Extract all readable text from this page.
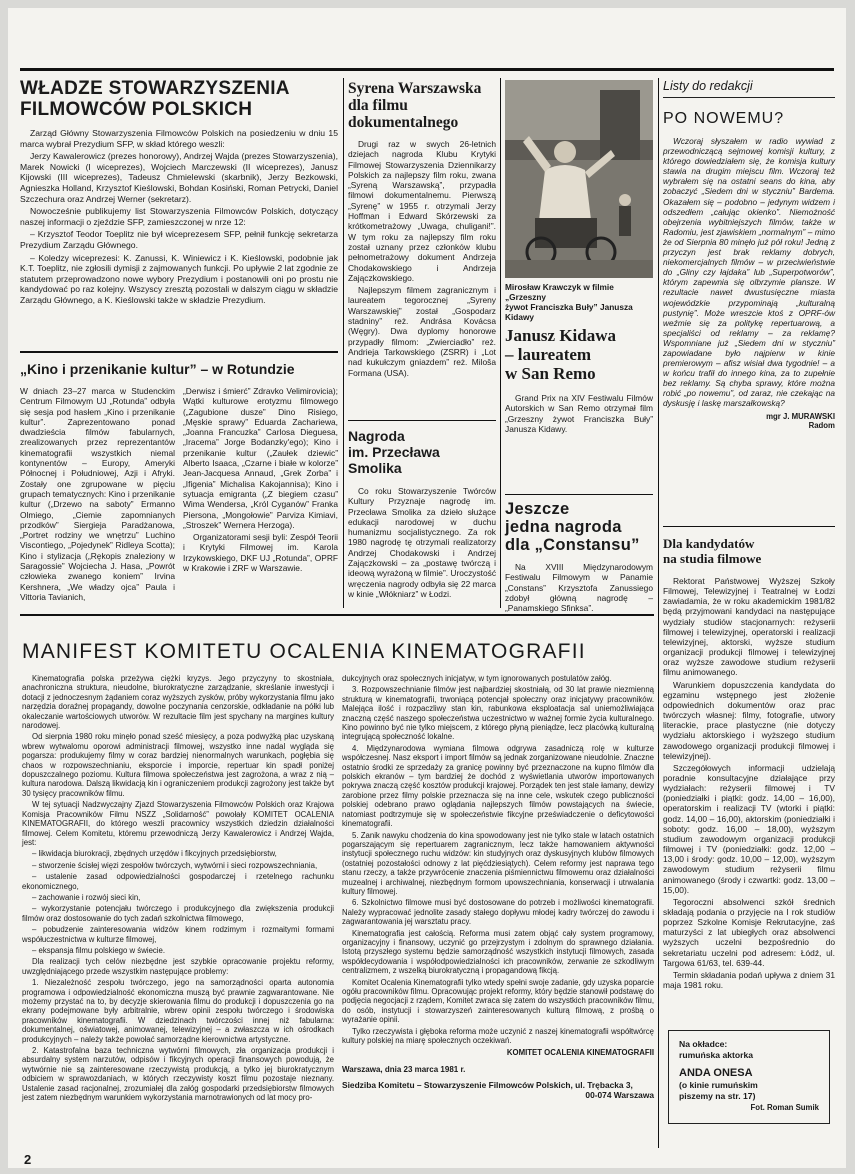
WŁADZE STOWARZYSZENIA
FILMOWCÓW POLSKICH

Zarząd Główny Stowarzyszenia Filmowców Polskich na posiedzeniu w dniu 15 marca wybrał Prezydium SFP, w skład którego weszli:

Jerzy Kawalerowicz (prezes honorowy), Andrzej Wajda (prezes Stowarzyszenia), Marek Nowicki (I wiceprezes), Wojciech Marczewski (II wiceprezes), Janusz Kijowski (III wiceprezes), Tadeusz Chmielewski (skarbnik), Jerzy Bezkowski, Agnieszka Holland, Krzysztof Kieślowski, Bohdan Kosiński, Roman Petrycki, Daniel Szczechura oraz Andrzej Werner (sekretarz).

Nowocześnie publikujemy list Stowarzyszenia Filmowców Polskich, dotyczący naszej informacji o zjeździe SFP, zamieszczonej w nrze 12:

– Krzysztof Teodor Toeplitz nie był wiceprezesem SFP, pełnił funkcję sekretarza Prezydium Zarządu Głównego.

– Koledzy wiceprezesi: K. Zanussi, K. Winiewicz i K. Kieślowski, podobnie jak K.T. Toeplitz, nie zgłosili dymisji z zajmowanych funkcji. Po upływie 2 lat zgodnie ze statutem przeprowadzono nowe wybory Prezydium i postanowili oni po prostu nie kandydować po raz kolejny. Wszyscy zresztą pozostali w dalszym ciągu w składzie Zarządu Głównego, a K. Kieślowski także w składzie Prezydium.

„Kino i przenikanie kultur” – w Rotundzie
W dniach 23–27 marca w Studenckim Centrum Filmowym UJ „Rotunda” odbyła się sesja pod hasłem „Kino i przenikanie kultur”. Zaprezentowano ponad dwadzieścia filmów fabularnych, zrealizowanych przez reprezentantów kinematografii wszystkich niemal kontynentów – Europy, Ameryki Północnej i Południowej, Azji i Afryki. Zostały one zgrupowane w pięciu grupach tematycznych: Kino i przenikanie kultur („Drzewo na saboty” Ermanno Olmiego, „Ciemie zapomnianych przodków” Siergieja Paradżanowa, „Portret rodziny we wnętrzu” Luchino Viscontiego, „Pojedynek” Ridleya Scotta); Kino i stylizacja („Rękopis znaleziony w Saragossie” Wojciecha J. Hasa, „Powrót człowieka zwanego koniem” Irvina Kershnera, „We władzy ojca” Paula i Vittoria Tavianich,
„Derwisz i śmierć” Zdravko Velimirovicia); Wątki kulturowe erotyzmu filmowego („Zagubione dusze” Dino Risiego, „Męskie sprawy” Eduarda Zachariewa, „Joanna Francuzka” Carlosa Dieguesa, „Iracema” Jorge Bodanzky'ego); Kino i przenikanie kultur („Zaułek dziewic” Alberto Isaaca, „Czarne i białe w kolorze” Jean-Jacquesa Annaud, „Grek Zorba” i „Ifigenia” Michalisa Kakojannisa); Kino i sytuacja emigranta („Z biegiem czasu” Wima Wendersa, „Król Cyganów” Franka Piersona, „Mongołowie” Parviza Kimiavi, „Stroszek” Wernera Herzoga).
Organizatorami sesji byli: Zespół Teorii i Krytyki Filmowej im. Karola Irzykowskiego, DKF UJ „Rotunda”, OPRF w Krakowie i ZRF w Warszawie.
Syrena Warszawska dla filmu dokumentalnego

Drugi raz w swych 26-letnich dziejach nagroda Klubu Krytyki Filmowej Stowarzyszenia Dziennikarzy Polskich za najlepszy film roku, zwana „Syreną Warszawską”, przypadła filmowi dokumentalnemu. Pierwszą „Syrenę” w 1955 r. otrzymali Jerzy Hoffman i Edward Skórzewski za krótkometrażowy „Uwaga, chuligani!”. W tym roku za najlepszy film roku został uznany przez członków klubu pełnometrażowy dokument Andrzeja Chodakowskiego i Andrzeja Zajączkowskiego.

Najlepszym filmem zagranicznym i laureatem tegorocznej „Syreny Warszawskiej” został „Gospodarz stadniny” reż. Andrása Kovácsa (Węgry). Dwa dyplomy honorowe przypadły filmom: „Zwierciadło” reż. Andrieja Tarkowskiego (ZSRR) i „Lot nad kukułczym gniazdem” reż. Miloša Formana (USA).

Nagroda
im. Przecława Smolika
Co roku Stowarzyszenie Twórców Kultury Przyznaje nagrodę im. Przecława Smolika za dzieło służące edukacji narodowej w duchu humanizmu socjalistycznego. Za rok 1980 nagrodę tę otrzymali realizatorzy Andrzej Chodakowski i Andrzej Zajączkowski – za „postawę twórczą i ideową wyrażoną w filmie”. Uroczystość wręczenia nagrody odbyła się 22 marca w kinie „Włókniarz” w Łodzi.
Mirosław Krawczyk w filmie „Grzeszny
żywot Franciszka Buły” Janusza Kidawy
Janusz Kidawa
– laureatem
w San Remo
Grand Prix na XIV Festiwalu Filmów Autorskich w San Remo otrzymał film „Grzeszny żywot Franciszka Buły” Janusza Kidawy.
Jeszcze
jedna nagroda
dla „Constansu”
Na XVIII Międzynarodowym Festiwalu Filmowym w Panamie „Constans” Krzysztofa Zanussiego zdobył główną nagrodę – „Panamskiego Sfinksa”.
Listy do redakcji
PO NOWEMU?
Wczoraj słyszałem w radio wywiad z przewodniczącą sejmowej komisji kultury, z którego dowiedziałem się, że komisja kultury stawia na drugim miejscu film. Wczoraj też wybrałem się na ostatni seans do kina, aby zobaczyć „Siedem dni w styczniu” Bardema. Okazałem się – podobno – jedynym widzem i odszedłem „całując okienko”. Niemożność obejrzenia wybitniejszych filmów, także w Radomiu, jest zjawiskiem „normalnym” – mimo że od Sierpnia 80 minęło już pół roku! Jedną z przyczyn jest brak reklamy dobrych, niekomercjalnych filmów – w przeciwieństwie do „Gliny czy łajdaka” lub „Superpotworów”, którym zapewnia się olbrzymie plansze. W rezultacie nawet dwustusięczne miasta wojewódzkie przypominają „kulturalną pustynię”. Może wreszcie ktoś z OPRF-ów weźmie się za politykę repertuarową, a specjaliści od reklamy – za reklamę? Wspomniane już „Siedem dni w styczniu” zapowiadane było najpierw w kinie premierowym – afisz wisiał dwa tygodnie! – a w końcu trafił do innego kina, za to zupełnie bez reklamy. Są chyba sprawy, które można robić „po nowemu”, od zaraz, nie czekając na dyskusję i laskę marszałkowską?
mgr J. MURAWSKI
Radom
Dla kandydatów
na studia filmowe

Rektorat Państwowej Wyższej Szkoły Filmowej, Telewizyjnej i Teatralnej w Łodzi zawiadamia, że w roku akademickim 1981/82 będą przyjmowani kandydaci na następujące wydziały studiów stacjonarnych: reżyserii filmowej i telewizyjnej, operatorski i realizacji telewizyjnej, aktorski, wyższe studium organizacji produkcji filmowej i telewizyjnej oraz wyższe zawodowe studium reżyserii filmu animowanego.

Warunkiem dopuszczenia kandydata do egzaminu wstępnego jest złożenie odpowiednich dokumentów oraz prac twórczych własnej: filmy, fotografie, utwory literackie, prace plastyczne (nie dotyczy wydziału aktorskiego i wyższego studium zawodowego organizacji produkcji filmowej i telewizyjnej).

Szczegółowych informacji udzielają poradnie konsultacyjne działające przy wydziałach: reżyserii filmowej i TV (poniedziałki i piątki: godz. 14,00 – 16,00), operatorskim i realizacji TV (wtorki i piątki: godz. 14,00 – 16,00), aktorskim (poniedziałki i soboty: godz. 16,00 – 18,00), wyższym studium zawodowym organizacji produkcji filmowej i TV (poniedziałki: godz. 12,00 – 13,00 i środy: godz. 10,00 – 12,00), wyższym zawodowym studium reżyserii filmu animowanego (środy i czwartki: godz. 13,00 – 15,00).

Tegoroczni absolwenci szkół średnich składają podania o przyjęcie na I rok studiów poprzez Szkolne Komisje Rekrutacyjne, zaś maturzyści z lat ubiegłych oraz absolwenci wyższych uczelni bezpośrednio do sekretariatu uczelni pod adresem: Łódź, ul. Targowa 61/63, tel. 639-44.

Termin składania podań upływa z dniem 31 maja 1981 roku.

Na okładce:
rumuńska aktorka
ANDA ONESA
(o kinie rumuńskim
piszemy na str. 17)
Fot. Roman Sumik
MANIFEST KOMITETU OCALENIA KINEMATOGRAFII

Kinematografia polska przeżywa ciężki kryzys. Jego przyczyny to skostniała, anachroniczna struktura, nieudolne, biurokratyczne zarządzanie, skreślanie inwestycji i dotacji z jednoczesnym żądaniem coraz wyższych zysków, próby wykorzystania filmu jako narzędzia doraźnej propagandy, dowolne poczynania cenzorskie, odkładanie na półki lub okaleczanie wartościowych utworów. W rezultacie film jest spychany na margines kultury narodowej.

Od sierpnia 1980 roku minęło ponad sześć miesięcy, a poza podwyżką płac uzyskaną wbrew wytwalomu oporowi administracji filmowej, wszystko inne nadal wygląda się pogarsza: produkujemy filmy w coraz bardziej nienormalnych warunkach, pogłębia się chaos w rozpowszechnianiu, eksporcie i imporcie, repertuar kin spadł poniżej dopuszczalnego poziomu. Kultura filmowa społeczeństwa jest zagrożona, a wraz z nią – kultura narodowa. Dalszą likwidacją kin i ograniczeniem produkcji zagrożony jest także byt 30 tysięcy pracowników filmu.

W tej sytuacji Nadzwyczajny Zjazd Stowarzyszenia Filmowców Polskich oraz Krajowa Komisja Pracowników Filmu NSZZ „Solidarność” powołały KOMITET OCALENIA KINEMATOGRAFII, do którego weszli pracownicy wszystkich dziedzin działalności filmowej. Celem Komitetu, któremu przewodniczą Jerzy Kawalerowicz i Andrzej Wajda, jest:

– likwidacja biurokracji, zbędnych urzędów i fikcyjnych przedsiębiorstw,

– stworzenie ścisłej więzi zespołów twórczych, wytwórni i sieci rozpowszechniania,

– ustalenie zasad odpowiedzialności gospodarczej i rzetelnego rachunku ekonomicznego,

– zachowanie i rozwój sieci kin,

– wykorzystanie potencjału twórczego i produkcyjnego dla zwiększenia produkcji filmów oraz dostosowanie do tych zadań szkolnictwa filmowego,

– pobudzenie zainteresowania widzów kinem rodzimym i rozmaitymi formami współuczestnictwa w kulturze filmowej,

– ekspansja filmu polskiego w świecie.

Dla realizacji tych celów niezbędne jest szybkie opracowanie projektu reformy, uwzględniającego przede wszystkim następujące problemy:

1. Niezależność zespołu twórczego, jego na samorządności oparta autonomia programowa i odpowiedzialność ekonomiczna muszą być prawnie zagwarantowane. Nie możemy przystać na to, by decyzje skierowania filmu do produkcji i dopuszczenia go na ekrany podejmowane były arbitralnie, wbrew opinii zespołu twórczego i środowiska pracowników kinematografii. W dziedzinach twórczości innej niż fabularna: dokumentalnej, oświatowej, animowanej, telewizyjnej – a zwłaszcza w ich ośrodkach produkcyjnych – należy także powołać samorządne kierownictwa artystyczne.

2. Katastrofalna baza techniczna wytwórni filmowych, zła organizacja produkcji i absurdalny system narzutów, odpisów i fikcyjnych operacji finansowych powodują, że wytwórnie nie są zainteresowane rzeczywistą produkcją, a tylko jej biurokratycznym odbiciem w sprawozdaniach, w których rzeczywisty koszt filmu pozostaje nieznany. Ustalenie zasad racjonalnej, zrozumiałej dla załóg gospodarki przedsiębiorstw filmowych jest zatem niezbędnym warunkiem wykorzystania marnotrawionych od lat mocy pro-

dukcyjnych oraz społecznych inicjatyw, w tym ignorowanych postulatów załóg.

3. Rozpowszechnianie filmów jest najbardziej skostniałą, od 30 lat prawie niezmienną strukturą w kinematografii, trwoniącą potencjał społeczny oraz inicjatywy pracowników. Malejąca ilość i rozpaczliwy stan kin, rabunkowa eksploatacja sal uniemożliwiająca znaczną część naszego społeczeństwa uczestnictwo w ważnej formie życia kulturalnego. Kino powinno być nie tylko miejscem, z którego płyną pieniądze, lecz placówką kulturalną integrującą społeczność lokalne.

4. Międzynarodowa wymiana filmowa odgrywa zasadniczą rolę w kulturze współczesnej. Nasz eksport i import filmów są jednak zorganizowane nieudolnie. Znaczne ostatnio środki ze sprzedaży za granicę powinny być przeznaczone na kupno filmów dla polskich ekranów – tym bardziej że dochód z wyświetlania utworów importowanych pokrywa znaczą część kosztów produkcji krajowej. Porządek ten jest stale łamany, dewizy zarobione przez filmy polskie przeznacza się na inne cele, wskutek czego publiczności polskiej odebrano prawo oglądania najlepszych filmów powstających na świecie, natomiast podtrzymuje się w społeczeństwie fikcyjne przeświadczenie o deficytowości kinematografii.

5. Zanik nawyku chodzenia do kina spowodowany jest nie tylko stale w latach ostatnich pogarszającym się repertuarem zagranicznym, lecz także hamowaniem aktywności instytucji społecznego ruchu widzów: kin studyjnych oraz dyskusyjnych klubów filmowych (ostatniej pozostałości odnowy z lat pięćdziesiątych). Celem reformy jest naprawa tego stanu rzeczy, a także przywrócenie znaczenia piśmiennictwu filmowemu oraz działalności muzealnej i archiwalnej, niezbędnym formom upowszechniania, konserwacji i utrwalania kultury filmowej.

6. Szkolnictwo filmowe musi być dostosowane do potrzeb i możliwości kinematografii. Należy wypracować jednolite zasady stałego dopływu młodej kadry twórczej do zawodu i zagwarantowania jej warsztatu pracy.

Kinematografia jest całością. Reforma musi zatem objąć cały system programowy, organizacyjny i finansowy, uczynić go przejrzystym i zdolnym do sprawnego działania. Istotą przyszłego systemu będzie samorządność wszystkich instytucji filmowych, zasada współdecydowania i współodpowiedzialności ich pracowników, zerwanie ze szkodliwym centralizmem, z wszelką biurokratyczną i propagandową fikcją.

Komitet Ocalenia Kinematografii tylko wtedy spełni swoje zadanie, gdy uzyska poparcie ogółu pracowników filmu. Opracowując projekt reformy, który będzie stanowił podstawę do podjęcia negocjacji z rządem, Komitet zwraca się zatem do wszystkich pracowników filmu, do osób, instytucji i stowarzyszeń zainteresowanych kulturą filmową, z prośbą o wyrażanie opinii.

Tylko rzeczywista i głęboka reforma może uczynić z naszej kinematografii współtwórcę kultury polskiej na miarę społecznych oczekiwań.

KOMITET OCALENIA KINEMATOGRAFII
Warszawa, dnia 23 marca 1981 r.
Siedziba Komitetu – Stowarzyszenie Filmowców Polskich, ul. Trębacka 3,
00-074 Warszawa
2
